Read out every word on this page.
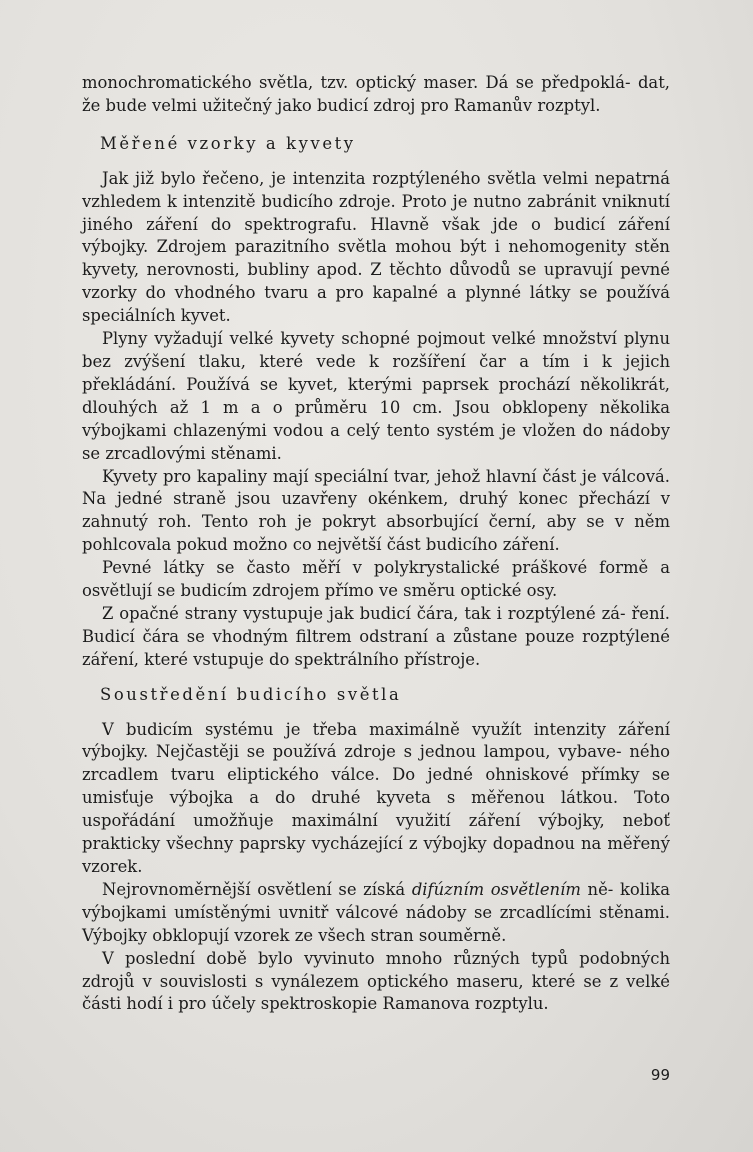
monochromatického světla, tzv. optický maser. Dá se předpoklá- dat, že bude velmi užitečný jako budicí zdroj pro Ramanův rozptyl.

Měřené vzorky a kyvety

Jak již bylo řečeno, je intenzita rozptýleného světla velmi nepatrná vzhledem k intenzitě budicího zdroje. Proto je nutno zabránit vniknutí jiného záření do spektrografu. Hlavně však jde o budicí záření výbojky. Zdrojem parazitního světla mohou být i nehomogenity stěn kyvety, nerovnosti, bubliny apod. Z těchto důvodů se upravují pevné vzorky do vhodného tvaru a pro kapalné a plynné látky se používá speciálních kyvet.

Plyny vyžadují velké kyvety schopné pojmout velké množství plynu bez zvýšení tlaku, které vede k rozšíření čar a tím i k jejich překládání. Používá se kyvet, kterými paprsek prochází několikrát, dlouhých až 1 m a o průměru 10 cm. Jsou obklopeny několika výbojkami chlazenými vodou a celý tento systém je vložen do nádoby se zrcadlovými stěnami.

Kyvety pro kapaliny mají speciální tvar, jehož hlavní část je válcová. Na jedné straně jsou uzavřeny okénkem, druhý konec přechází v zahnutý roh. Tento roh je pokryt absorbující černí, aby se v něm pohlcovala pokud možno co největší část budicího záření.

Pevné látky se často měří v polykrystalické práškové formě a osvětlují se budicím zdrojem přímo ve směru optické osy.

Z opačné strany vystupuje jak budicí čára, tak i rozptýlené zá- ření. Budicí čára se vhodným filtrem odstraní a zůstane pouze rozptýlené záření, které vstupuje do spektrálního přístroje.

Soustředění budicího světla

V budicím systému je třeba maximálně využít intenzity záření výbojky. Nejčastěji se používá zdroje s jednou lampou, vybave- ného zrcadlem tvaru eliptického válce. Do jedné ohniskové přímky se umisťuje výbojka a do druhé kyveta s měřenou látkou. Toto uspořádání umožňuje maximální využití záření výbojky, neboť prakticky všechny paprsky vycházející z výbojky dopadnou na měřený vzorek.

Nejrovnoměrnější osvětlení se získá difúzním osvětlením ně- kolika výbojkami umístěnými uvnitř válcové nádoby se zrcadlícími stěnami. Výbojky obklopují vzorek ze všech stran souměrně.

V poslední době bylo vyvinuto mnoho různých typů podobných zdrojů v souvislosti s vynálezem optického maseru, které se z velké části hodí i pro účely spektroskopie Ramanova rozptylu.

99
